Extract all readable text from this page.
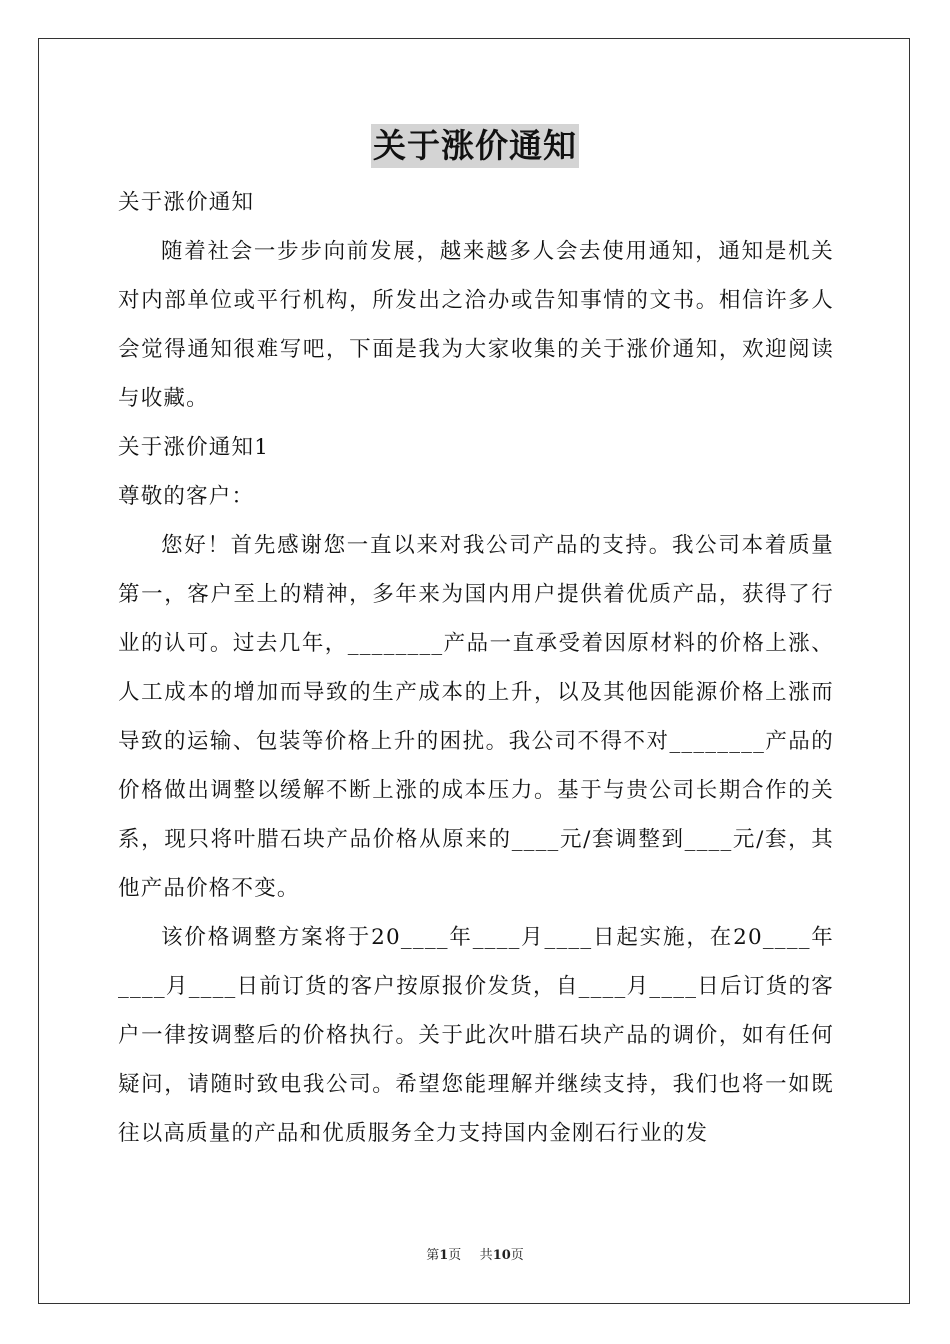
关于涨价通知

关于涨价通知

随着社会一步步向前发展，越来越多人会去使用通知，通知是机关对内部单位或平行机构，所发出之洽办或告知事情的文书。相信许多人会觉得通知很难写吧，下面是我为大家收集的关于涨价通知，欢迎阅读与收藏。

关于涨价通知1

尊敬的客户：

您好！首先感谢您一直以来对我公司产品的支持。我公司本着质量第一，客户至上的精神，多年来为国内用户提供着优质产品，获得了行业的认可。过去几年，________产品一直承受着因原材料的价格上涨、人工成本的增加而导致的生产成本的上升，以及其他因能源价格上涨而导致的运输、包装等价格上升的困扰。我公司不得不对________产品的价格做出调整以缓解不断上涨的成本压力。基于与贵公司长期合作的关系，现只将叶腊石块产品价格从原来的____元/套调整到____元/套，其他产品价格不变。

该价格调整方案将于20____年____月____日起实施，在20____年____月____日前订货的客户按原报价发货，自____月____日后订货的客户一律按调整后的价格执行。关于此次叶腊石块产品的调价，如有任何疑问，请随时致电我公司。希望您能理解并继续支持，我们也将一如既往以高质量的产品和优质服务全力支持国内金刚石行业的发

第1页 共10页
